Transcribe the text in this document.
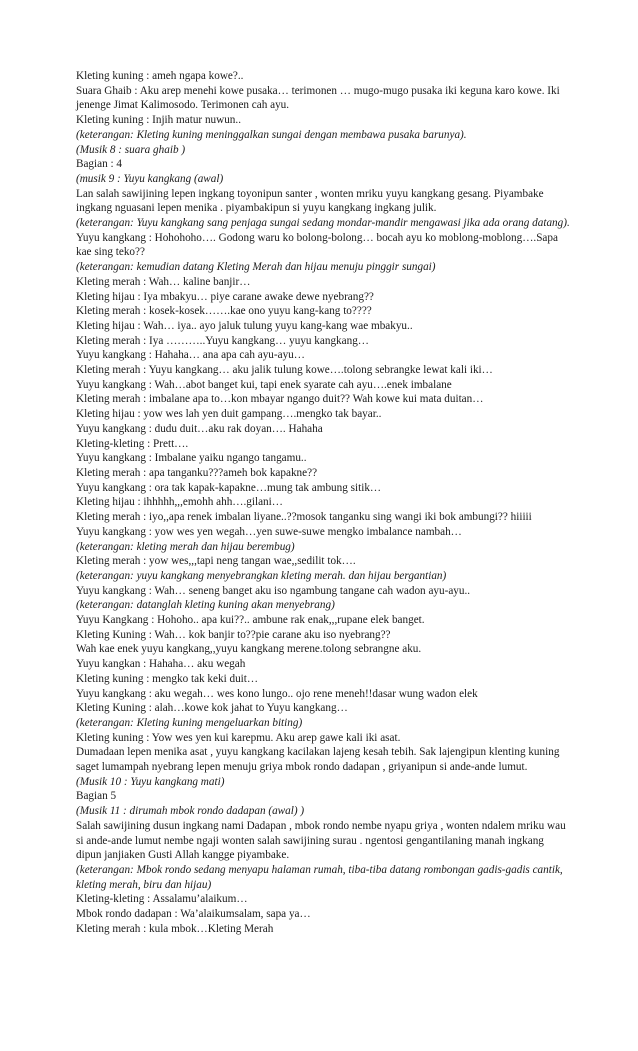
Kleting kuning : ameh ngapa kowe?..
Suara Ghaib : Aku arep menehi kowe pusaka… terimonen … mugo-mugo pusaka iki keguna karo kowe. Iki jenenge Jimat Kalimosodo. Terimonen cah ayu.
Kleting kuning : Injih matur nuwun..
(keterangan: Kleting kuning meninggalkan sungai dengan membawa pusaka barunya).
(Musik 8 : suara ghaib )
Bagian : 4
(musik 9 : Yuyu kangkang (awal)
Lan salah sawijining lepen ingkang toyonipun santer , wonten mriku yuyu kangkang gesang. Piyambake ingkang nguasani lepen menika . piyambakipun si yuyu kangkang ingkang julik.
(keterangan: Yuyu kangkang sang penjaga sungai sedang mondar-mandir mengawasi jika ada orang datang).
Yuyu kangkang : Hohohoho…. Godong waru ko bolong-bolong… bocah ayu ko moblong-moblong….Sapa kae sing teko??
(keterangan: kemudian datang Kleting Merah dan hijau menuju pinggir sungai)
Kleting merah : Wah… kaline banjir…
Kleting hijau : Iya mbakyu… piye carane awake dewe nyebrang??
Kleting merah : kosek-kosek…….kae ono yuyu kang-kang to????
Kleting hijau : Wah… iya.. ayo jaluk tulung yuyu kang-kang wae mbakyu..
Kleting merah : Iya ………..Yuyu kangkang… yuyu kangkang…
Yuyu kangkang : Hahaha… ana apa cah ayu-ayu…
Kleting merah : Yuyu kangkang… aku jalik tulung kowe….tolong sebrangke lewat kali iki…
Yuyu kangkang : Wah…abot banget kui, tapi enek syarate cah ayu….enek imbalane
Kleting merah : imbalane apa to…kon mbayar ngango duit?? Wah kowe kui mata duitan…
Kleting hijau : yow wes lah yen duit gampang….mengko tak bayar..
Yuyu kangkang : dudu duit…aku rak doyan…. Hahaha
Kleting-kleting : Prett….
Yuyu kangkang : Imbalane yaiku ngango tangamu..
Kleting merah : apa tanganku???ameh bok kapakne??
Yuyu kangkang : ora tak kapak-kapakne…mung tak ambung sitik…
Kleting hijau : ihhhhh,,,emohh ahh….gilani…
Kleting merah : iyo,,apa renek imbalan liyane..??mosok tanganku sing wangi iki bok ambungi?? hiiiii
Yuyu kangkang : yow wes yen wegah…yen suwe-suwe mengko imbalance nambah…
(keterangan: kleting merah dan hijau berembug)
Kleting merah : yow wes,,,tapi neng tangan wae,,sedilit tok….
(keterangan: yuyu kangkang menyebrangkan kleting merah. dan hijau bergantian)
Yuyu kangkang : Wah… seneng banget aku iso ngambung tangane cah wadon ayu-ayu..
(keterangan: datanglah kleting kuning akan menyebrang)
Yuyu Kangkang : Hohoho.. apa kui??.. ambune rak enak,,,rupane elek banget.
Kleting Kuning : Wah… kok banjir to??pie carane aku iso nyebrang??
Wah kae enek yuyu kangkang,,yuyu kangkang merene.tolong sebrangne aku.
Yuyu kangkan : Hahaha… aku wegah
Kleting kuning : mengko tak keki duit…
Yuyu kangkang : aku wegah… wes kono lungo.. ojo rene meneh!!dasar wung wadon elek
Kleting Kuning : alah…kowe kok jahat to Yuyu kangkang…
(keterangan: Kleting kuning mengeluarkan biting)
Kleting kuning : Yow wes yen kui karepmu. Aku arep gawe kali iki asat.
Dumadaan lepen menika asat , yuyu kangkang kacilakan lajeng kesah tebih. Sak lajengipun klenting kuning saget lumampah nyebrang lepen menuju griya mbok rondo dadapan , griyanipun si ande-ande lumut.
(Musik 10 : Yuyu kangkang mati)
Bagian 5
(Musik 11 : dirumah mbok rondo dadapan (awal) )
Salah sawijining dusun ingkang nami Dadapan , mbok rondo nembe nyapu griya , wonten ndalem mriku wau si ande-ande lumut nembe ngaji wonten salah sawijining surau . ngentosi gengantilaning manah ingkang dipun janjiaken Gusti Allah kangge piyambake.
(keterangan: Mbok rondo sedang menyapu halaman rumah, tiba-tiba datang rombongan gadis-gadis cantik, kleting merah, biru dan hijau)
Kleting-kleting : Assalamu’alaikum…
Mbok rondo dadapan : Wa’alaikumsalam, sapa ya…
Kleting merah : kula mbok…Kleting Merah
